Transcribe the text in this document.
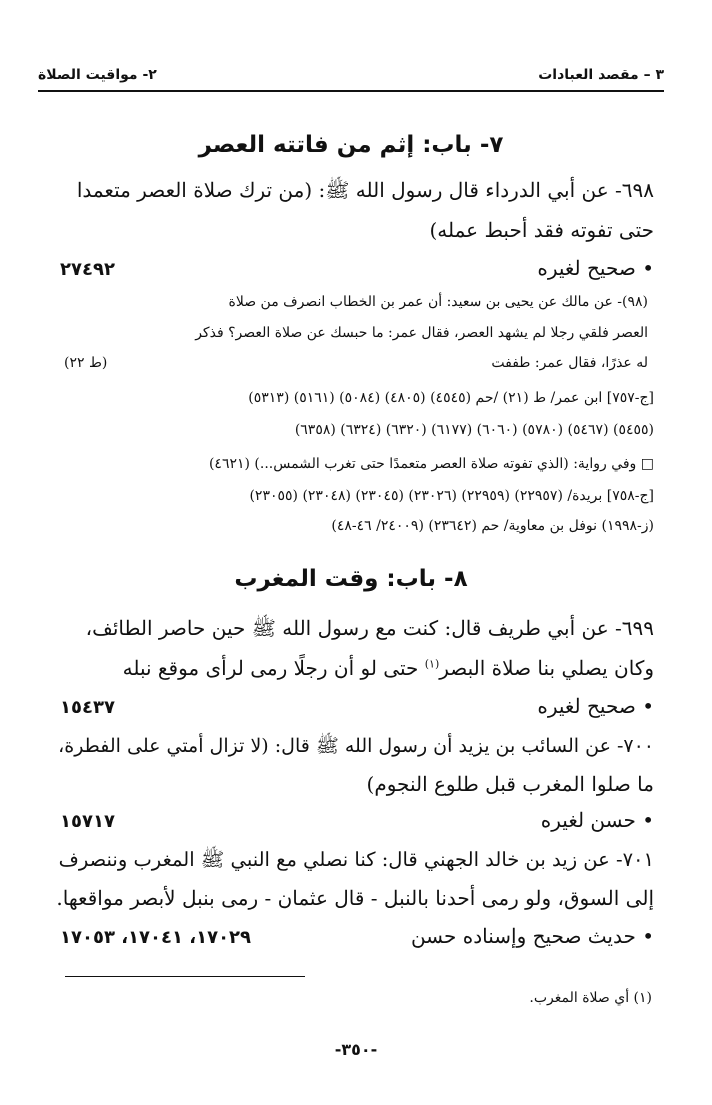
٣ – مقصد العبادات
٢- مواقيت الصلاة
٧- باب: إثم من فاتته العصر
٦٩٨- عن أبي الدرداء قال رسول الله ﷺ: (من ترك صلاة العصر متعمدا
حتى تفوته فقد أحبط عمله)
• صحيح لغيره
٢٧٤٩٢
(٩٨)- عن مالك عن يحيى بن سعيد: أن عمر بن الخطاب انصرف من صلاة
العصر فلقي رجلا لم يشهد العصر، فقال عمر: ما حبسك عن صلاة العصر؟ فذكر
له عذرًا، فقال عمر: طففت
(ط ٢٢)
[ج-٧٥٧] ابن عمر/ ط (٢١) /حم (٤٥٤٥) (٤٨٠٥) (٥٠٨٤) (٥١٦١) (٥٣١٣)
(٥٤٥٥) (٥٤٦٧) (٥٧٨٠) (٦٠٦٠) (٦١٧٧) (٦٣٢٠) (٦٣٢٤) (٦٣٥٨)
□ وفي رواية: (الذي تفوته صلاة العصر متعمدًا حتى تغرب الشمس...) (٤٦٢١)
[ج-٧٥٨] بريدة/ (٢٢٩٥٧) (٢٢٩٥٩) (٢٣٠٢٦) (٢٣٠٤٥) (٢٣٠٤٨) (٢٣٠٥٥)
(ز-١٩٩٨) نوفل بن معاوية/ حم (٢٣٦٤٢) (٢٤٠٠٩/ ٤٦-٤٨)
٨- باب: وقت المغرب
٦٩٩- عن أبي طريف قال: كنت مع رسول الله ﷺ حين حاصر الطائف،
وكان يصلي بنا صلاة البصر$^{(١)}$ حتى لو أن رجلًا رمى لرأى موقع نبله
• صحيح لغيره
١٥٤٣٧
٧٠٠- عن السائب بن يزيد أن رسول الله ﷺ قال: (لا تزال أمتي على الفطرة،
ما صلوا المغرب قبل طلوع النجوم)
• حسن لغيره
١٥٧١٧
٧٠١- عن زيد بن خالد الجهني قال: كنا نصلي مع النبي ﷺ المغرب وننصرف
إلى السوق، ولو رمى أحدنا بالنبل - قال عثمان - رمى بنبل لأبصر مواقعها.
• حديث صحيح وإسناده حسن
١٧٠٢٩، ١٧٠٤١، ١٧٠٥٣
(١) أي صلاة المغرب.
-٣٥٠-
